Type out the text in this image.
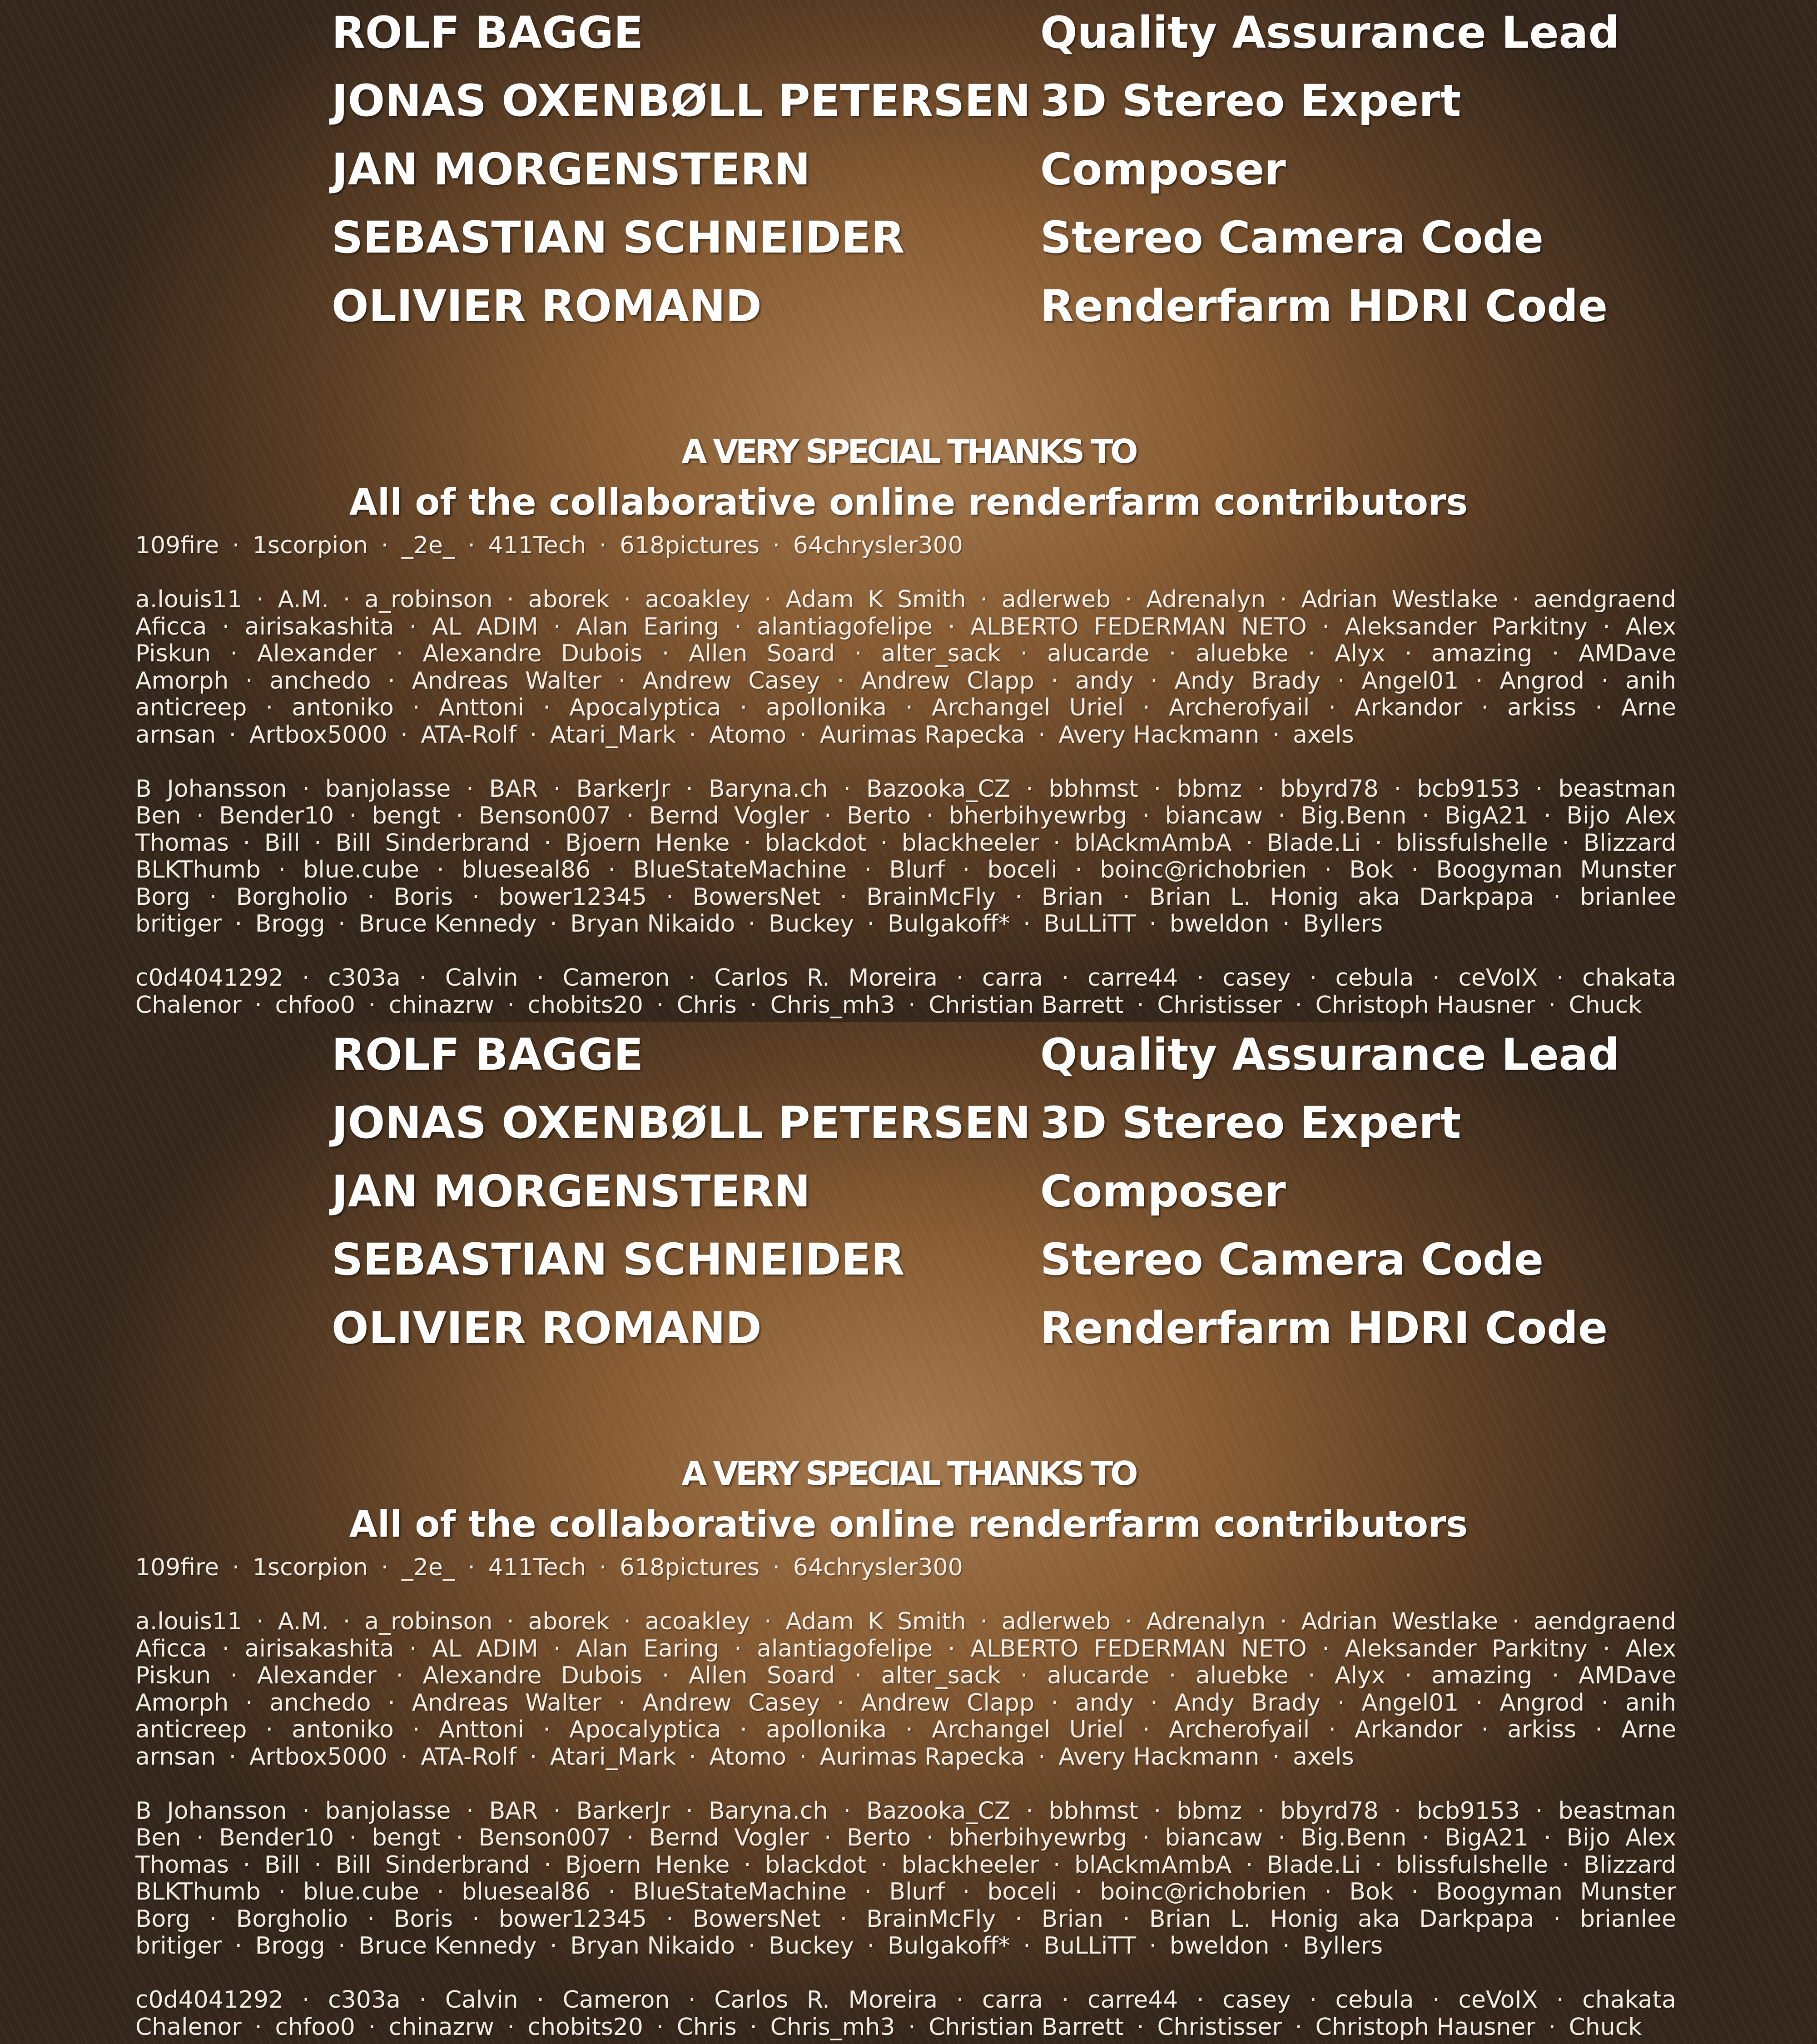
ROLF BAGGE	Quality Assurance Lead
JONAS OXENBØLL PETERSEN 3D Stereo Expert
JAN MORGENSTERN	Composer
SEBASTIAN SCHNEIDER	Stereo Camera Code
OLIVIER ROMAND	Renderfarm HDRI Code
A VERY SPECIAL THANKS TO
All of the collaborative online renderfarm contributors
109fire · 1scorpion · _2e_ · 411Tech · 618pictures · 64chrysler300

a.louis11 · A.M. · a_robinson · aborek · acoakley · Adam K Smith · adlerweb · Adrenalyn · Adrian Westlake · aendgraend
Aficca · airisakashita · AL ADIM · Alan Earing · alantiagofelipe · ALBERTO FEDERMAN NETO · Aleksander Parkitny · Alex
Piskun · Alexander · Alexandre Dubois · Allen Soard · alter_sack · alucarde · aluebke · Alyx · amazing · AMDave
Amorph · anchedo · Andreas Walter · Andrew Casey · Andrew Clapp · andy · Andy Brady · Angel01 · Angrod · anih
anticreep · antoniko · Anttoni · Apocalyptica · apollonika · Archangel Uriel · Archerofyail · Arkandor · arkiss · Arne
arnsan · Artbox5000 · ATA-Rolf · Atari_Mark · Atomo · Aurimas Rapecka · Avery Hackmann · axels

B Johansson · banjolasse · BAR · BarkerJr · Baryna.ch · Bazooka_CZ · bbhmst · bbmz · bbyrd78 · bcb9153 · beastman
Ben · Bender10 · bengt · Benson007 · Bernd Vogler · Berto · bherbihyewrbg · biancaw · Big.Benn · BigA21 · Bijo Alex
Thomas · Bill · Bill Sinderbrand · Bjoern Henke · blackdot · blackheeler · blAckmAmbA · Blade.Li · blissfulshelle · Blizzard
BLKThumb · blue.cube · blueseal86 · BlueStateMachine · Blurf · boceli · boinc@richobrien · Bok · Boogyman Munster
Borg · Borgholio · Boris · bower12345 · BowersNet · BrainMcFly · Brian · Brian L. Honig aka Darkpapa · brianlee
britiger · Brogg · Bruce Kennedy · Bryan Nikaido · Buckey · Bulgakoff* · BuLLiTT · bweldon · Byllers

c0d4041292 · c303a · Calvin · Cameron · Carlos R. Moreira · carra · carre44 · casey · cebula · ceVoIX · chakata
Chalenor · chfoo0 · chinazrw · chobits20 · Chris · Chris_mh3 · Christian Barrett · Christisser · Christoph Hausner · Chuck
ROLF BAGGE	Quality Assurance Lead
JONAS OXENBØLL PETERSEN 3D Stereo Expert
JAN MORGENSTERN	Composer
SEBASTIAN SCHNEIDER	Stereo Camera Code
OLIVIER ROMAND	Renderfarm HDRI Code
A VERY SPECIAL THANKS TO
All of the collaborative online renderfarm contributors
109fire · 1scorpion · _2e_ · 411Tech · 618pictures · 64chrysler300

a.louis11 · A.M. · a_robinson · aborek · acoakley · Adam K Smith · adlerweb · Adrenalyn · Adrian Westlake · aendgraend
Aficca · airisakashita · AL ADIM · Alan Earing · alantiagofelipe · ALBERTO FEDERMAN NETO · Aleksander Parkitny · Alex
Piskun · Alexander · Alexandre Dubois · Allen Soard · alter_sack · alucarde · aluebke · Alyx · amazing · AMDave
Amorph · anchedo · Andreas Walter · Andrew Casey · Andrew Clapp · andy · Andy Brady · Angel01 · Angrod · anih
anticreep · antoniko · Anttoni · Apocalyptica · apollonika · Archangel Uriel · Archerofyail · Arkandor · arkiss · Arne
arnsan · Artbox5000 · ATA-Rolf · Atari_Mark · Atomo · Aurimas Rapecka · Avery Hackmann · axels

B Johansson · banjolasse · BAR · BarkerJr · Baryna.ch · Bazooka_CZ · bbhmst · bbmz · bbyrd78 · bcb9153 · beastman
Ben · Bender10 · bengt · Benson007 · Bernd Vogler · Berto · bherbihyewrbg · biancaw · Big.Benn · BigA21 · Bijo Alex
Thomas · Bill · Bill Sinderbrand · Bjoern Henke · blackdot · blackheeler · blAckmAmbA · Blade.Li · blissfulshelle · Blizzard
BLKThumb · blue.cube · blueseal86 · BlueStateMachine · Blurf · boceli · boinc@richobrien · Bok · Boogyman Munster
Borg · Borgholio · Boris · bower12345 · BowersNet · BrainMcFly · Brian · Brian L. Honig aka Darkpapa · brianlee
britiger · Brogg · Bruce Kennedy · Bryan Nikaido · Buckey · Bulgakoff* · BuLLiTT · bweldon · Byllers

c0d4041292 · c303a · Calvin · Cameron · Carlos R. Moreira · carra · carre44 · casey · cebula · ceVoIX · chakata
Chalenor · chfoo0 · chinazrw · chobits20 · Chris · Chris_mh3 · Christian Barrett · Christisser · Christoph Hausner · Chuck
